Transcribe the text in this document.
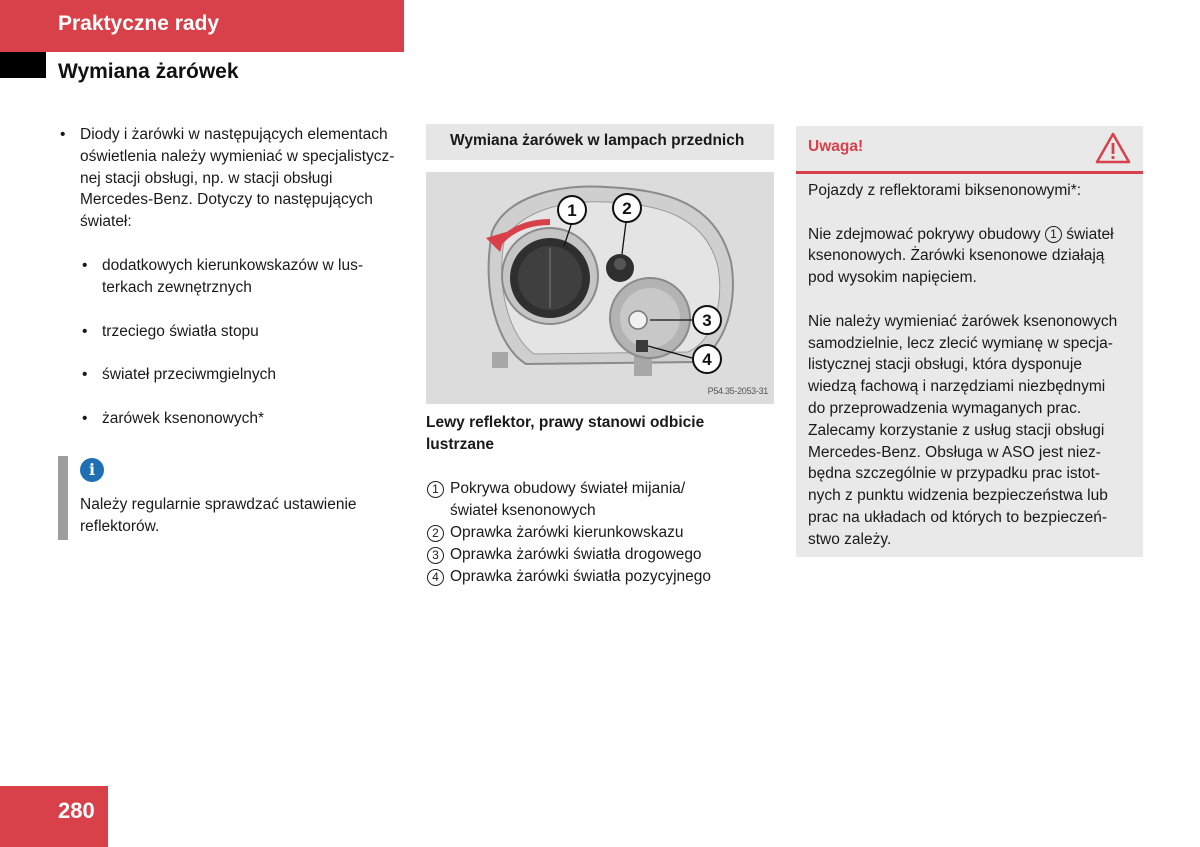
Praktyczne rady
Wymiana żarówek
• Diody i żarówki w następujących elementach
oświetlenia należy wymieniać w specjalistycz-
nej stacji obsługi, np. w stacji obsługi
Mercedes-Benz. Dotyczy to następujących
świateł:
• dodatkowych kierunkowskazów w lus-
terkach zewnętrznych
• trzeciego światła stopu
• świateł przeciwmgielnych
• żarówek ksenonowych*
i
Należy regularnie sprawdzać ustawienie
reflektorów.
Wymiana żarówek w lampach przednich
1	2
3
4
P54.35-2053-31
Lewy reflektor, prawy stanowi odbicie
lustrzane
1 Pokrywa obudowy świateł mijania/
świateł ksenonowych
2 Oprawka żarówki kierunkowskazu
3 Oprawka żarówki światła drogowego
4 Oprawka żarówki światła pozycyjnego
Uwaga!

Pojazdy z reflektorami biksenonowymi*:

Nie zdejmować pokrywy obudowy 1 świateł
ksenonowych. Żarówki ksenonowe działają
pod wysokim napięciem.

Nie należy wymieniać żarówek ksenonowych
samodzielnie, lecz zlecić wymianę w specja-
listycznej stacji obsługi, która dysponuje
wiedzą fachową i narzędziami niezbędnymi
do przeprowadzenia wymaganych prac.
Zalecamy korzystanie z usług stacji obsługi
Mercedes-Benz. Obsługa w ASO jest niez-
będna szczególnie w przypadku prac istot-
nych z punktu widzenia bezpieczeństwa lub
prac na układach od których to bezpieczeń-
stwo zależy.
280
